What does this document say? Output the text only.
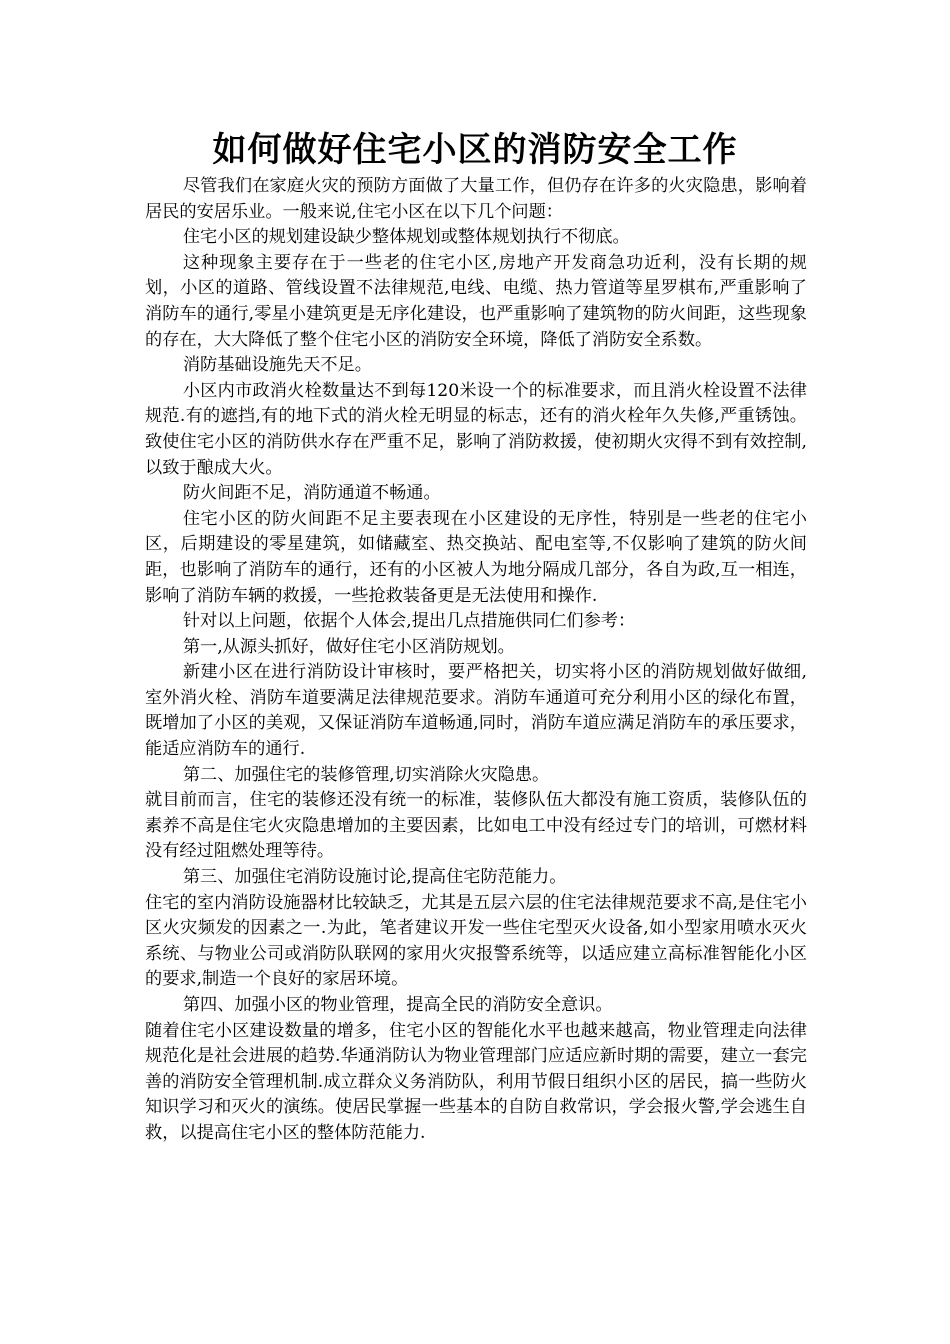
如何做好住宅小区的消防安全工作

尽管我们在家庭火灾的预防方面做了大量工作，但仍存在许多的火灾隐患，影响着居民的安居乐业。一般来说,住宅小区在以下几个问题：

住宅小区的规划建设缺少整体规划或整体规划执行不彻底。

这种现象主要存在于一些老的住宅小区,房地产开发商急功近利，没有长期的规划，小区的道路、管线设置不法律规范,电线、电缆、热力管道等星罗棋布,严重影响了消防车的通行,零星小建筑更是无序化建设，也严重影响了建筑物的防火间距，这些现象的存在，大大降低了整个住宅小区的消防安全环境，降低了消防安全系数。

消防基础设施先天不足。

小区内市政消火栓数量达不到每120米设一个的标准要求，而且消火栓设置不法律规范.有的遮挡,有的地下式的消火栓无明显的标志，还有的消火栓年久失修,严重锈蚀。致使住宅小区的消防供水存在严重不足，影响了消防救援，使初期火灾得不到有效控制,以致于酿成大火。

防火间距不足，消防通道不畅通。

住宅小区的防火间距不足主要表现在小区建设的无序性，特别是一些老的住宅小区，后期建设的零星建筑，如储藏室、热交换站、配电室等,不仅影响了建筑的防火间距，也影响了消防车的通行，还有的小区被人为地分隔成几部分，各自为政,互一相连，影响了消防车辆的救援，一些抢救装备更是无法使用和操作.

针对以上问题，依据个人体会,提出几点措施供同仁们参考：

第一,从源头抓好，做好住宅小区消防规划。

新建小区在进行消防设计审核时，要严格把关，切实将小区的消防规划做好做细,室外消火栓、消防车道要满足法律规范要求。消防车通道可充分利用小区的绿化布置，既增加了小区的美观，又保证消防车道畅通,同时，消防车道应满足消防车的承压要求，能适应消防车的通行.

第二、加强住宅的装修管理,切实消除火灾隐患。

就目前而言，住宅的装修还没有统一的标准，装修队伍大都没有施工资质，装修队伍的素养不高是住宅火灾隐患增加的主要因素，比如电工中没有经过专门的培训，可燃材料没有经过阻燃处理等待。

第三、加强住宅消防设施讨论,提高住宅防范能力。

住宅的室内消防设施器材比较缺乏，尤其是五层六层的住宅法律规范要求不高,是住宅小区火灾频发的因素之一.为此，笔者建议开发一些住宅型灭火设备,如小型家用喷水灭火系统、与物业公司或消防队联网的家用火灾报警系统等，以适应建立高标准智能化小区的要求,制造一个良好的家居环境。

第四、加强小区的物业管理，提高全民的消防安全意识。

随着住宅小区建设数量的增多，住宅小区的智能化水平也越来越高，物业管理走向法律规范化是社会进展的趋势.华通消防认为物业管理部门应适应新时期的需要，建立一套完善的消防安全管理机制.成立群众义务消防队，利用节假日组织小区的居民，搞一些防火知识学习和灭火的演练。使居民掌握一些基本的自防自救常识，学会报火警,学会逃生自救，以提高住宅小区的整体防范能力.
